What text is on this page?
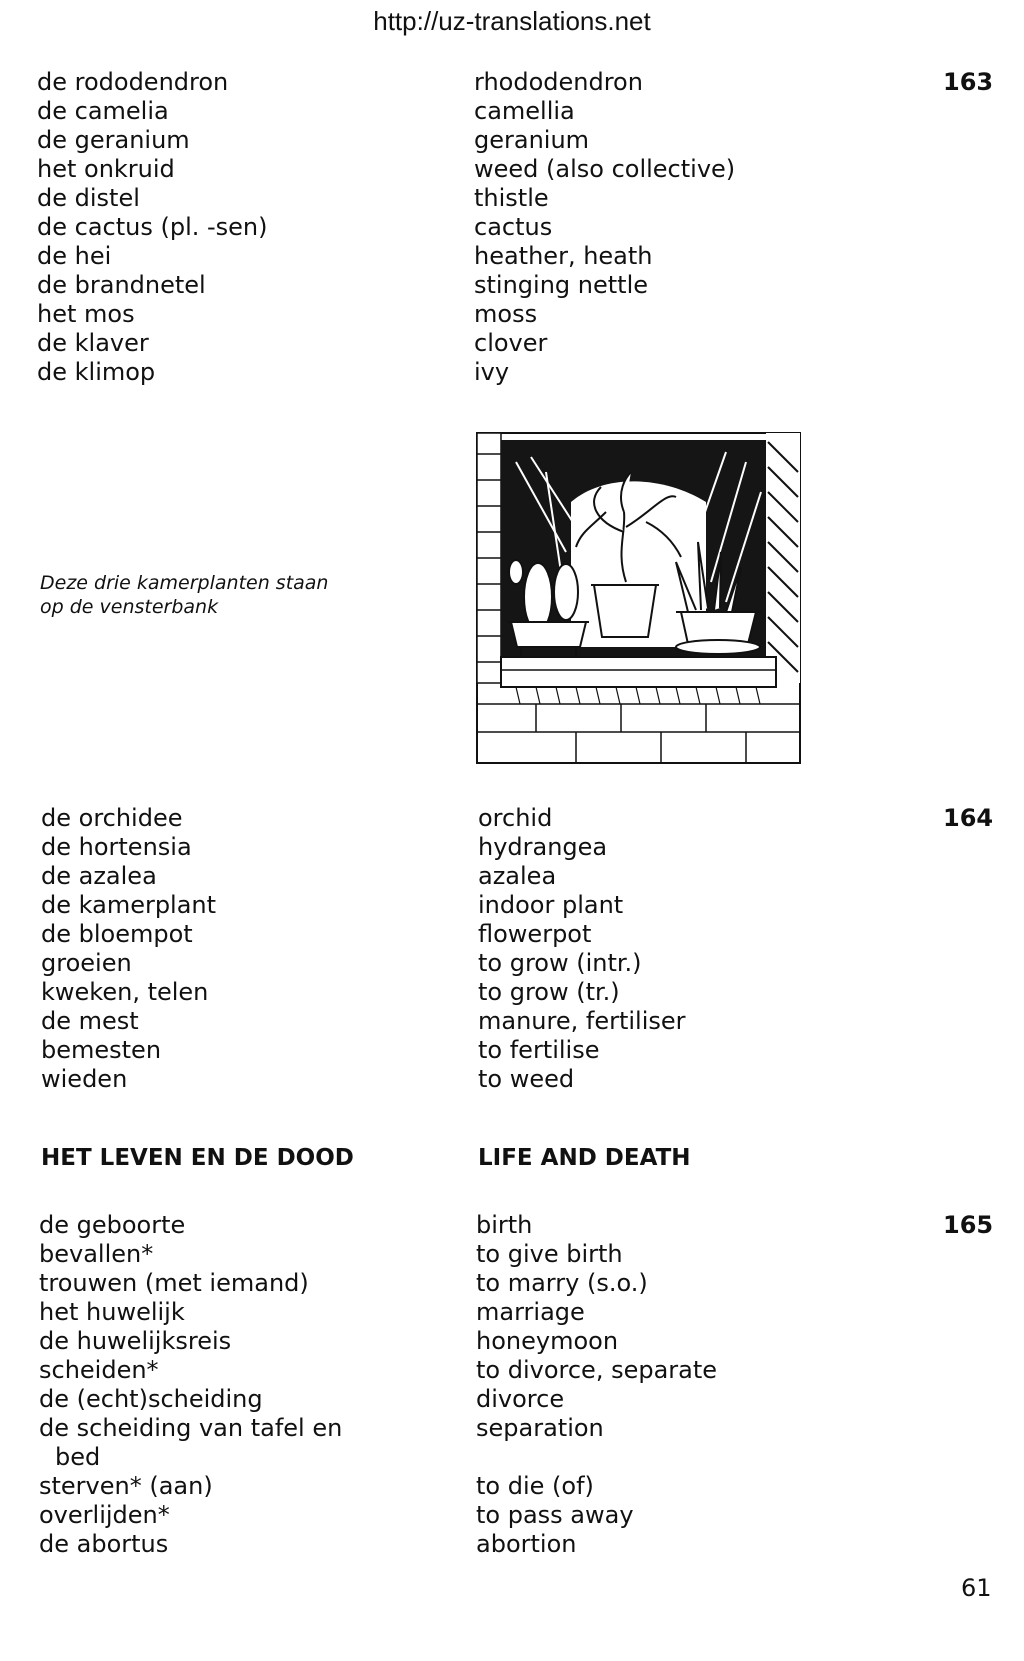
http://uz-translations.net
de rododendron	rhododendron	163
de camelia	camellia
de geranium	geranium
het onkruid	weed (also collective)
de distel	thistle
de cactus (pl. -sen)	cactus
de hei	heather, heath
de brandnetel	stinging nettle
het mos	moss
de klaver	clover
de klimop	ivy
Deze drie kamerplanten staan
op de vensterbank
de orchidee	orchid	164
de hortensia	hydrangea
de azalea	azalea
de kamerplant	indoor plant
de bloempot	flowerpot
groeien	to grow (intr.)
kweken, telen	to grow (tr.)
de mest	manure, fertiliser
bemesten	to fertilise
wieden	to weed
HET LEVEN EN DE DOOD	LIFE AND DEATH
de geboorte	birth	165
bevallen*	to give birth
trouwen (met iemand)	to marry (s.o.)
het huwelijk	marriage
de huwelijksreis	honeymoon
scheiden*	to divorce, separate
de (echt)scheiding	divorce
de scheiding van tafel en	separation
bed
sterven* (aan)	to die (of)
overlijden*	to pass away
de abortus	abortion
61
